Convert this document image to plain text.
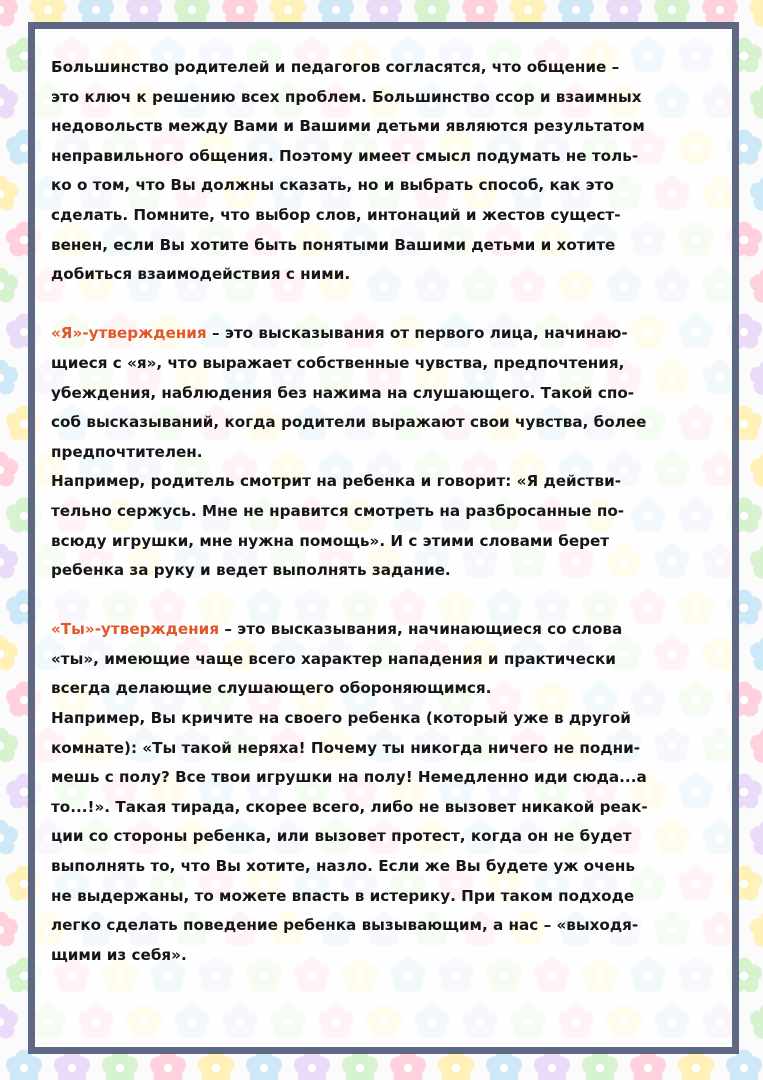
Большинство родителей и педагогов согласятся, что общение –
это ключ к решению всех проблем. Большинство ссор и взаимных
недовольств между Вами и Вашими детьми являются результатом
неправильного общения. Поэтому имеет смысл подумать не толь-
ко о том, что Вы должны сказать, но и выбрать способ, как это
сделать. Помните, что выбор слов, интонаций и жестов сущест-
венен, если Вы хотите быть понятыми Вашими детьми и хотите
добиться взаимодействия с ними.
«Я»-утверждения – это высказывания от первого лица, начинаю-
щиеся с «я», что выражает собственные чувства, предпочтения,
убеждения, наблюдения без нажима на слушающего. Такой спо-
соб высказываний, когда родители выражают свои чувства, более
предпочтителен.
Например, родитель смотрит на ребенка и говорит: «Я действи-
тельно сержусь. Мне не нравится смотреть на разбросанные по-
всюду игрушки, мне нужна помощь». И с этими словами берет
ребенка за руку и ведет выполнять задание.
«Ты»-утверждения – это высказывания, начинающиеся со слова
«ты», имеющие чаще всего характер нападения и практически
всегда делающие слушающего обороняющимся.
Например, Вы кричите на своего ребенка (который уже в другой
комнате): «Ты такой неряха! Почему ты никогда ничего не подни-
мешь с полу? Все твои игрушки на полу! Немедленно иди сюда...а
то...!». Такая тирада, скорее всего, либо не вызовет никакой реак-
ции со стороны ребенка, или вызовет протест, когда он не будет
выполнять то, что Вы хотите, назло. Если же Вы будете уж очень
не выдержаны, то можете впасть в истерику. При таком подходе
легко сделать поведение ребенка вызывающим, а нас – «выходя-
щими из себя».
